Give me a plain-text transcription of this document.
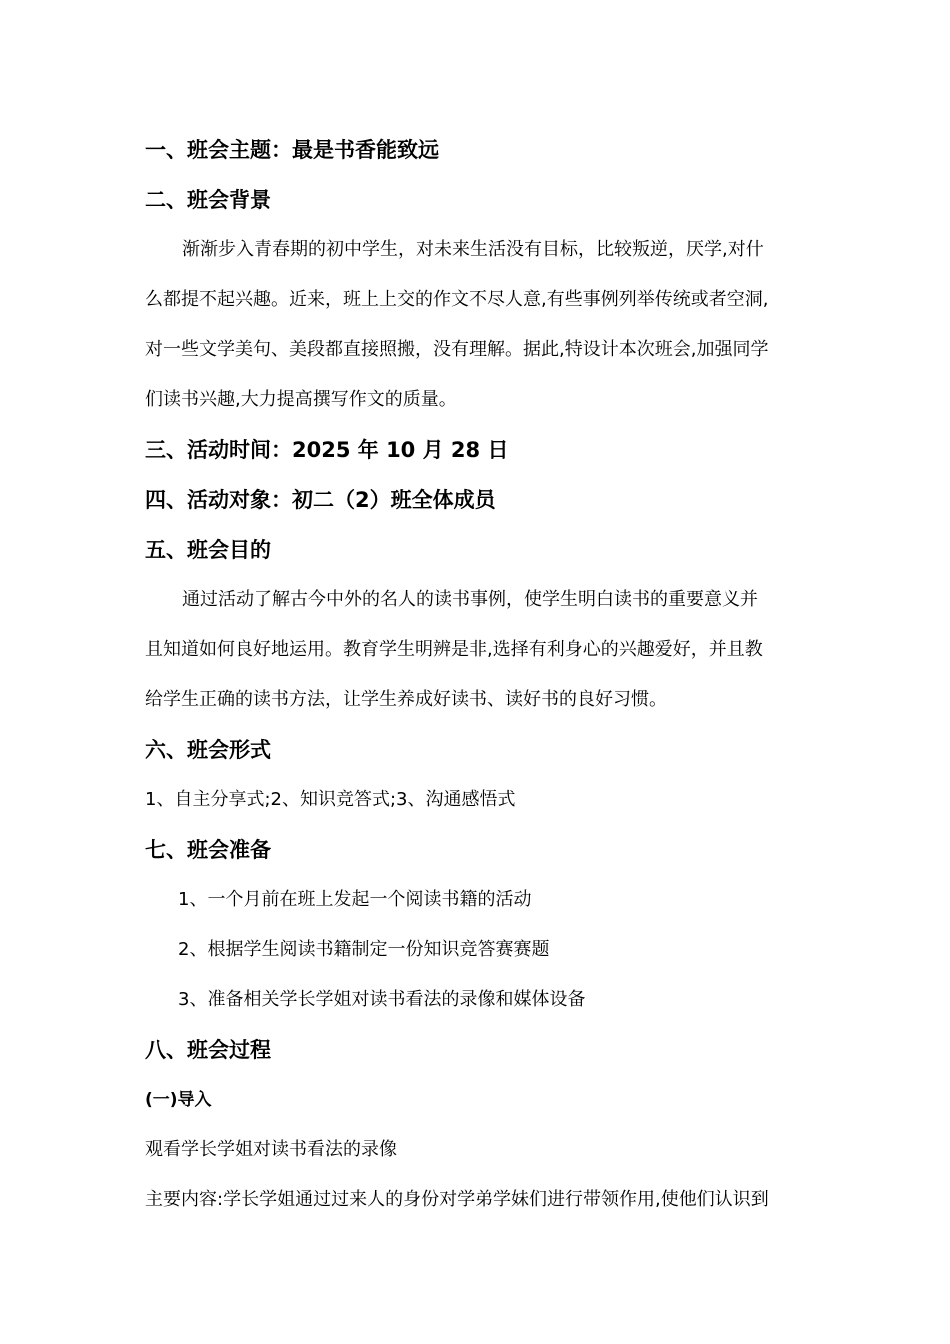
一、班会主题：最是书香能致远
二、班会背景
渐渐步入青春期的初中学生，对未来生活没有目标，比较叛逆，厌学,对什
么都提不起兴趣。近来，班上上交的作文不尽人意,有些事例列举传统或者空洞,
对一些文学美句、美段都直接照搬，没有理解。据此,特设计本次班会,加强同学
们读书兴趣,大力提高撰写作文的质量。
三、活动时间：2025 年 10 月 28 日
四、活动对象：初二（2）班全体成员
五、班会目的
通过活动了解古今中外的名人的读书事例，使学生明白读书的重要意义并
且知道如何良好地运用。教育学生明辨是非,选择有利身心的兴趣爱好，并且教
给学生正确的读书方法，让学生养成好读书、读好书的良好习惯。
六、班会形式
1、自主分享式;2、知识竞答式;3、沟通感悟式
七、班会准备
1、一个月前在班上发起一个阅读书籍的活动
2、根据学生阅读书籍制定一份知识竞答赛赛题
3、准备相关学长学姐对读书看法的录像和媒体设备
八、班会过程
(一)导入
观看学长学姐对读书看法的录像
主要内容:学长学姐通过过来人的身份对学弟学妹们进行带领作用,使他们认识到
